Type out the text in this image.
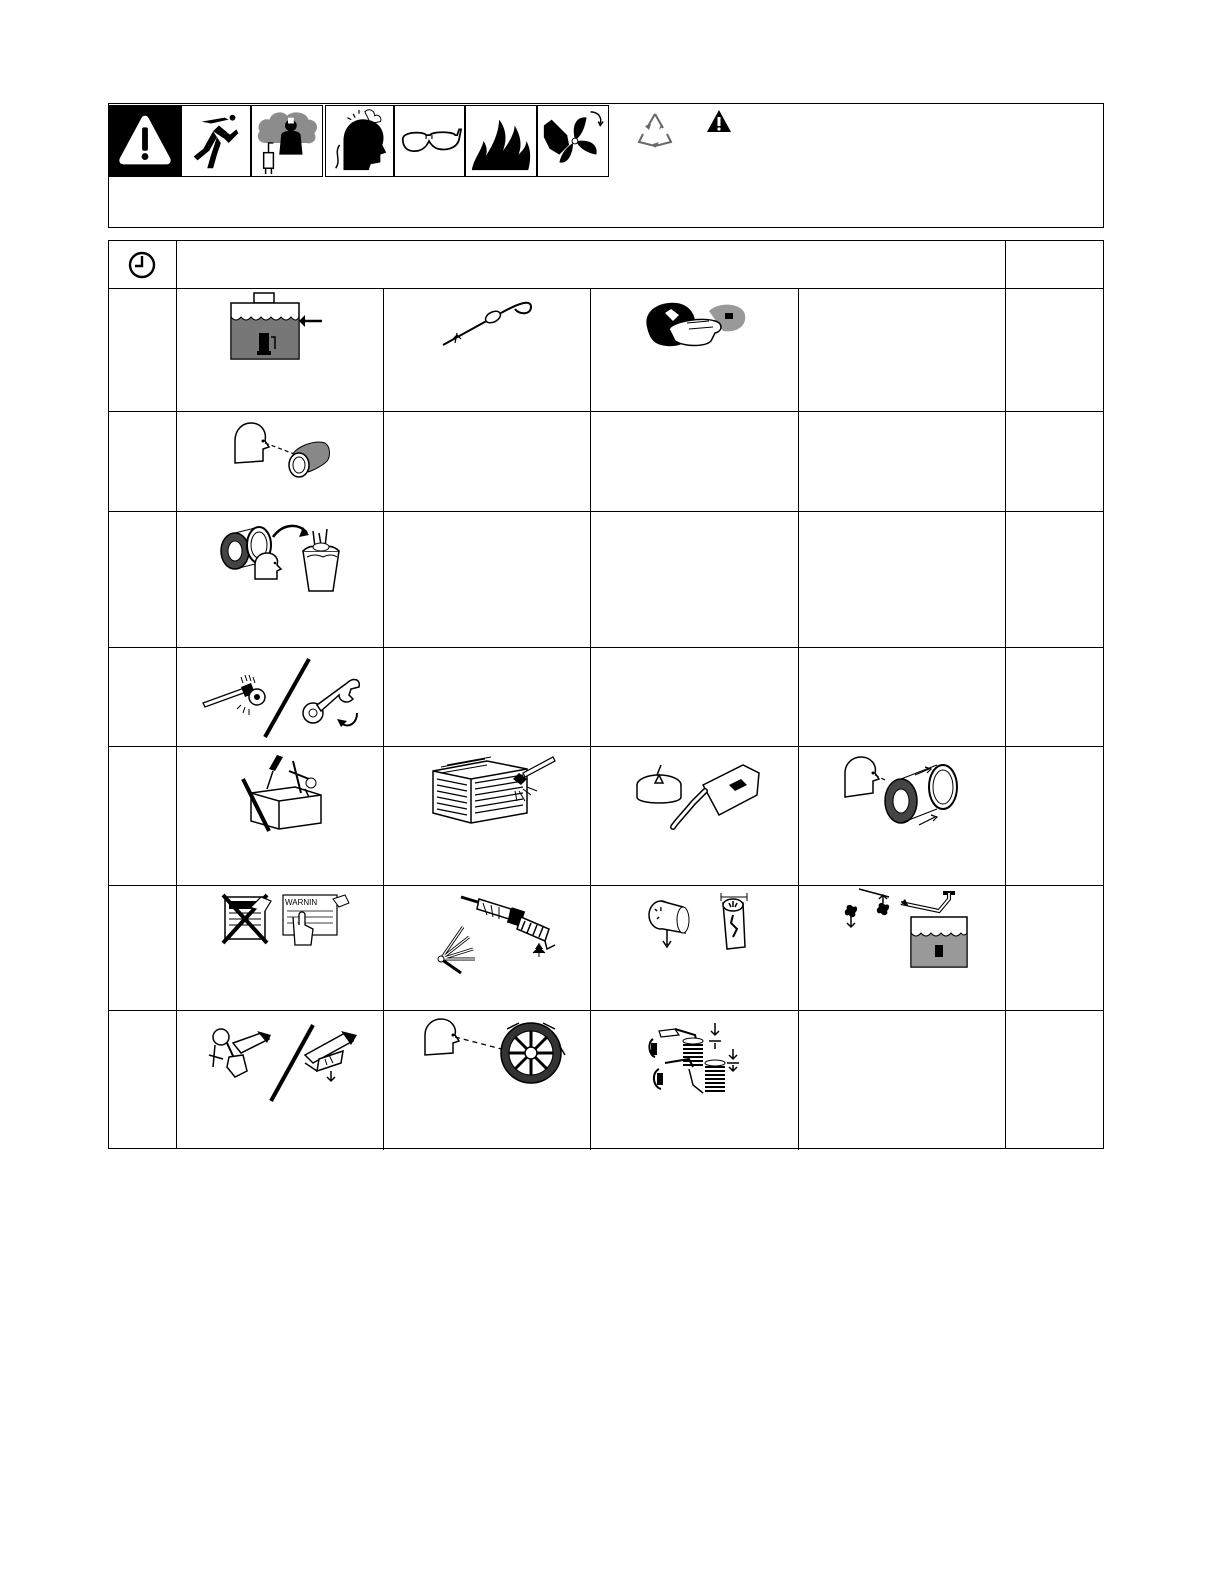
WARNIN
